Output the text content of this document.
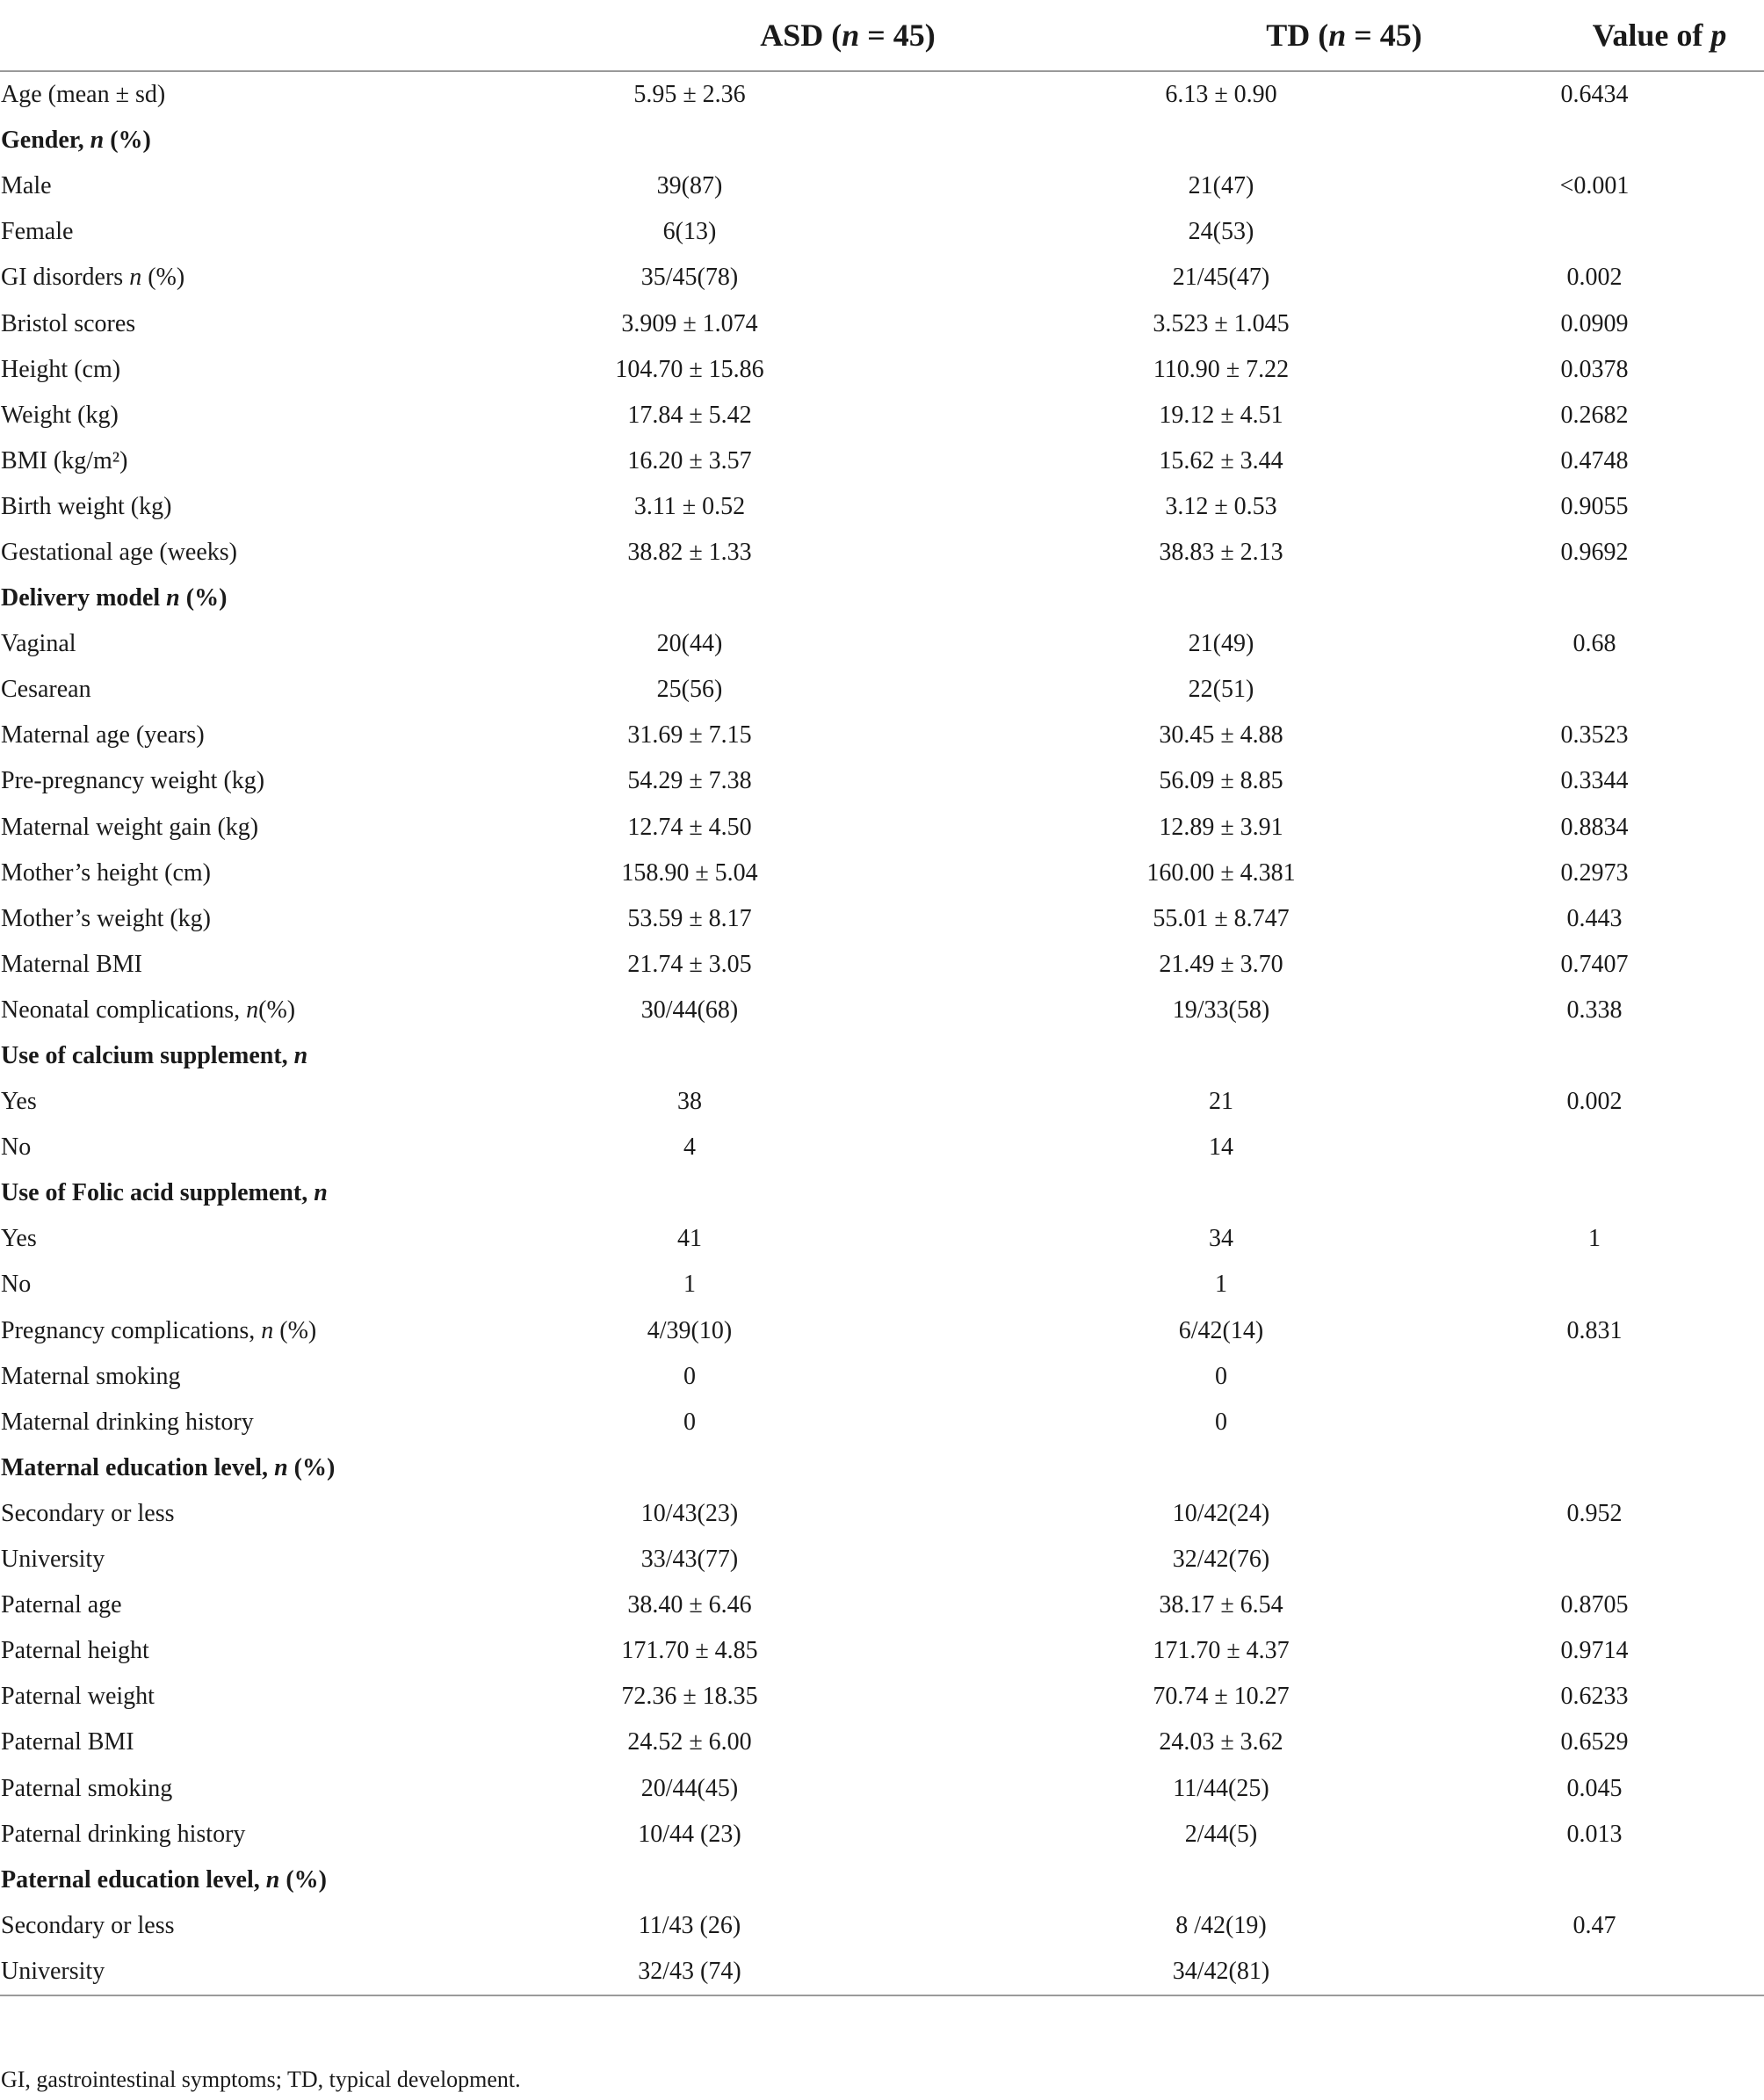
	ASD (n = 45)	TD (n = 45)	Value of p
Age (mean ± sd)	5.95 ± 2.36	6.13 ± 0.90	0.6434
Gender, n (%)			
Male	39(87)	21(47)	<0.001
Female	6(13)	24(53)	
GI disorders n (%)	35/45(78)	21/45(47)	0.002
Bristol scores	3.909 ± 1.074	3.523 ± 1.045	0.0909
Height (cm)	104.70 ± 15.86	110.90 ± 7.22	0.0378
Weight (kg)	17.84 ± 5.42	19.12 ± 4.51	0.2682
BMI (kg/m²)	16.20 ± 3.57	15.62 ± 3.44	0.4748
Birth weight (kg)	3.11 ± 0.52	3.12 ± 0.53	0.9055
Gestational age (weeks)	38.82 ± 1.33	38.83 ± 2.13	0.9692
Delivery model n (%)			
Vaginal	20(44)	21(49)	0.68
Cesarean	25(56)	22(51)	
Maternal age (years)	31.69 ± 7.15	30.45 ± 4.88	0.3523
Pre-pregnancy weight (kg)	54.29 ± 7.38	56.09 ± 8.85	0.3344
Maternal weight gain (kg)	12.74 ± 4.50	12.89 ± 3.91	0.8834
Mother’s height (cm)	158.90 ± 5.04	160.00 ± 4.381	0.2973
Mother’s weight (kg)	53.59 ± 8.17	55.01 ± 8.747	0.443
Maternal BMI	21.74 ± 3.05	21.49 ± 3.70	0.7407
Neonatal complications, n(%)	30/44(68)	19/33(58)	0.338
Use of calcium supplement, n			
Yes	38	21	0.002
No	4	14	
Use of Folic acid supplement, n			
Yes	41	34	1
No	1	1	
Pregnancy complications, n (%)	4/39(10)	6/42(14)	0.831
Maternal smoking	0	0	
Maternal drinking history	0	0	
Maternal education level, n (%)			
Secondary or less	10/43(23)	10/42(24)	0.952
University	33/43(77)	32/42(76)	
Paternal age	38.40 ± 6.46	38.17 ± 6.54	0.8705
Paternal height	171.70 ± 4.85	171.70 ± 4.37	0.9714
Paternal weight	72.36 ± 18.35	70.74 ± 10.27	0.6233
Paternal BMI	24.52 ± 6.00	24.03 ± 3.62	0.6529
Paternal smoking	20/44(45)	11/44(25)	0.045
Paternal drinking history	10/44 (23)	2/44(5)	0.013
Paternal education level, n (%)			
Secondary or less	11/43 (26)	8 /42(19)	0.47
University	32/43 (74)	34/42(81)	
GI, gastrointestinal symptoms; TD, typical development.
